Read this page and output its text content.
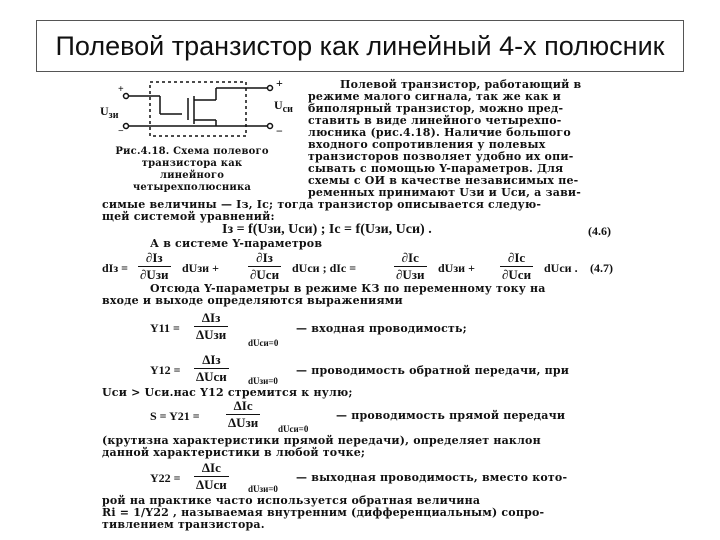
Полевой транзистор как линейный 4-х полюсник
+
−
$U_{си}$
+
−
$U_{зи}$
Рис.4.18. Схема полевого
транзистора как
линейного
четырехполюсника
Полевой транзистор, работающий в
режиме малого сигнала, так же как и
биполярный транзистор, можно пред-
ставить в виде линейного четырехпо-
люсника (рис.4.18). Наличие большого
входного сопротивления у полевых
транзисторов позволяет удобно их опи-
сывать с помощью Y-параметров. Для
схемы с ОИ в качестве независимых пе-
ременных принимают Uзи и Uси, а зави-
симые величины — Iз, Iс; тогда транзистор описывается следую-
щей системой уравнений:
Iз = f(Uзи, Uси) ; Iс = f(Uзи, Uси) .	(4.6)
А в системе Y-параметров
dIз =
∂Iз
∂Uзи dUзи +
∂Iз
∂Uси dUси ; dIс =
∂Iс
∂Uзи dUзи +
∂Iс
∂Uси dUси . (4.7)
Отсюда Y-параметры в режиме КЗ по переменному току на
входе и выходе определяются выражениями
Y11 =
ΔIз
ΔUзи
dUси=0
— входная проводимость;
Y12 =
ΔIз
ΔUси dUзи=0
— проводимость обратной передачи, при
Uси > Uси.нас Y12 стремится к нулю;
S = Y21 =
ΔIс
ΔUзи dUси=0
— проводимость прямой передачи
(крутизна характеристики прямой передачи), определяет наклон
данной характеристики в любой точке;
Y22 =
ΔIс
ΔUси dUзи=0
— выходная проводимость, вместо кото-
рой на практике часто используется обратная величина
Ri = 1/Y22 , называемая внутренним (дифференциальным) сопро-
тивлением транзистора.
